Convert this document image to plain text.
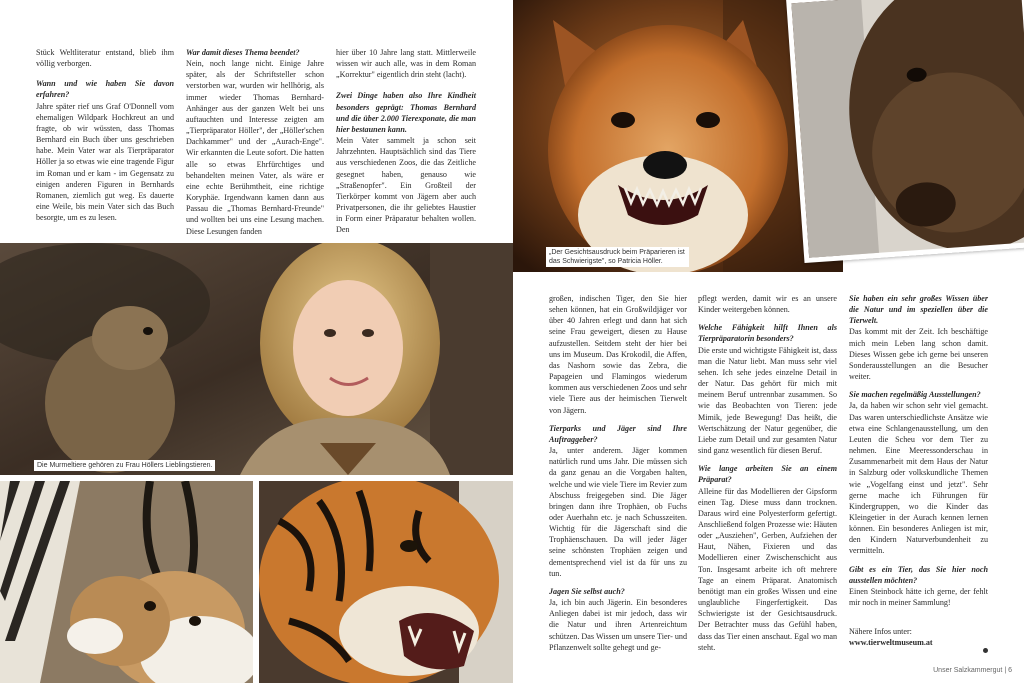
„Der Gesichtsausdruck beim Präparieren ist das Schwierigste", so Patricia Höller.
Die Murmeltiere gehören zu Frau Höllers Lieblingstieren.

Stück Weltliteratur entstand, blieb ihm völlig verborgen.

Wann und wie haben Sie davon erfahren?

Jahre später rief uns Graf O'Donnell vom ehemaligen Wildpark Hochkreut an und fragte, ob wir wüssten, dass Thomas Bernhard ein Buch über uns geschrieben habe. Mein Vater war als Tierpräparator Höller ja so etwas wie eine tragende Figur im Roman und er kam - im Gegensatz zu einigen anderen Figuren in Bernhards Romanen, ziemlich gut weg. Es dauerte eine Weile, bis mein Vater sich das Buch besorgte, um es zu lesen.

War damit dieses Thema beendet?

Nein, noch lange nicht. Einige Jahre später, als der Schriftsteller schon verstorben war, wurden wir hellhörig, als immer wieder Thomas Bernhard-Anhänger aus der ganzen Welt bei uns auftauchten und Interesse zeigten am „Tierpräparator Höller", der „Höller'schen Dachkammer" und der „Aurach-Enge". Wir erkannten die Leute sofort. Die hatten alle so etwas Ehrfürchtiges und behandelten meinen Vater, als wäre er eine echte Berühmtheit, eine richtige Koryphäe. Irgendwann kamen dann aus Passau die „Thomas Bernhard-Freunde" und wollten bei uns eine Lesung machen. Diese Lesungen fanden

hier über 10 Jahre lang statt. Mittlerweile wissen wir auch alle, was in dem Roman „Korrektur" eigentlich drin steht (lacht).

Zwei Dinge haben also Ihre Kindheit besonders geprägt: Thomas Bernhard und die über 2.000 Tierexponate, die man hier bestaunen kann.

Mein Vater sammelt ja schon seit Jahrzehnten. Hauptsächlich sind das Tiere aus verschiedenen Zoos, die das Zeitliche gesegnet haben, genauso wie „Straßenopfer". Ein Großteil der Tierkörper kommt von Jägern aber auch Privatpersonen, die ihr geliebtes Haustier in Form einer Präparatur behalten wollen. Den

großen, indischen Tiger, den Sie hier sehen können, hat ein Großwildjäger vor über 40 Jahren erlegt und dann hat sich seine Frau geweigert, diesen zu Hause aufzustellen. Seitdem steht der hier bei uns im Museum. Das Krokodil, die Affen, das Nashorn sowie das Zebra, die Papageien und Flamingos wiederum kommen aus verschiedenen Zoos und sehr viele Tiere aus der heimischen Tierwelt von Jägern.

Tierparks und Jäger sind Ihre Auftraggeber?

Ja, unter anderem. Jäger kommen natürlich rund ums Jahr. Die müssen sich da ganz genau an die Vorgaben halten, welche und wie viele Tiere im Revier zum Abschuss freigegeben sind. Die Jäger bringen dann ihre Trophäen, ob Fuchs oder Auerhahn etc. je nach Schusszeiten. Wichtig für die Jägerschaft sind die Trophäenschauen. Da will jeder Jäger seine schönsten Trophäen zeigen und dementsprechend viel ist da für uns zu tun.

Jagen Sie selbst auch?

Ja, ich bin auch Jägerin. Ein besonderes Anliegen dabei ist mir jedoch, dass wir die Natur und ihren Artenreichtum schützen. Das Wissen um unsere Tier- und Pflanzenwelt sollte gehegt und ge-

pflegt werden, damit wir es an unsere Kinder weitergeben können.

Welche Fähigkeit hilft Ihnen als Tierpräparatorin besonders?

Die erste und wichtigste Fähigkeit ist, dass man die Natur liebt. Man muss sehr viel sehen. Ich sehe jedes einzelne Detail in der Natur. Das gehört für mich mit meinem Beruf untrennbar zusammen. So wie das Beobachten von Tieren: jede Mimik, jede Bewegung! Das heißt, die Wertschätzung der Natur gegenüber, die Liebe zum Detail und zur gesamten Natur sind ganz wesentlich für diesen Beruf.

Wie lange arbeiten Sie an einem Präparat?

Alleine für das Modellieren der Gipsform einen Tag. Diese muss dann trocknen. Daraus wird eine Polyesterform gefertigt. Anschließend folgen Prozesse wie: Häuten oder „Ausziehen", Gerben, Aufziehen der Haut, Nähen, Fixieren und das Modellieren einer Zwischenschicht aus Ton. Insgesamt arbeite ich oft mehrere Tage an einem Präparat. Anatomisch benötigt man ein großes Wissen und eine unglaubliche Fingerfertigkeit. Das Schwierigste ist der Gesichtsausdruck. Der Betrachter muss das Gefühl haben, dass das Tier einen anschaut. Egal wo man steht.

Sie haben ein sehr großes Wissen über die Natur und im speziellen über die Tierwelt.

Das kommt mit der Zeit. Ich beschäftige mich mein Leben lang schon damit. Dieses Wissen gebe ich gerne bei unseren Sonderausstellungen an die Besucher weiter.

Sie machen regelmäßig Ausstellungen?

Ja, da haben wir schon sehr viel gemacht. Das waren unterschiedlichste Ansätze wie etwa eine Schlangenausstellung, um den Leuten die Scheu vor dem Tier zu nehmen. Eine Meeressonderschau in Zusammenarbeit mit dem Haus der Natur in Salzburg oder volkskundliche Themen wie „Vogelfang einst und jetzt". Sehr gerne mache ich Führungen für Kindergruppen, wo die Kinder das Kleingetier in der Aurach kennen lernen können. Ein besonderes Anliegen ist mir, den Kindern Naturverbundenheit zu vermitteln.

Gibt es ein Tier, das Sie hier noch ausstellen möchten?

Einen Steinbock hätte ich gerne, der fehlt mir noch in meiner Sammlung!

Nähere Infos unter:

www.tierweltmuseum.at

Unser Salzkammergut | 6
